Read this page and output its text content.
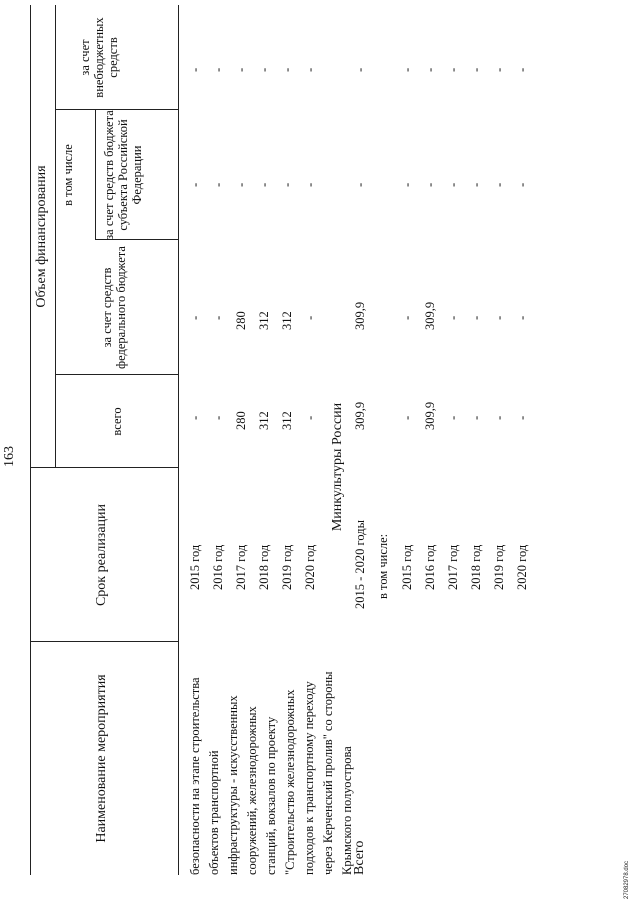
163
Наименование мероприятия
Срок реализации
Объем финансирования
всего
за счет средств федерального бюджета
в том числе за счет средств бюджета субъекта Российской Федерации
за счет внебюджетных средств
безопасности на этапе строительства объектов транспортной инфраструктуры - искусственных сооружений, железнодорожных станций, вокзалов по проекту "Строительство железнодорожных подходов к транспортному переходу через Керченский пролив" со стороны Крымского полуострова
2015 год
-
-
-
-
2016 год
-
-
-
-
2017 год
280
280
-
-
2018 год
312
312
-
-
2019 год
312
312
-
-
2020 год
-
-
-
-
Минкультуры России
Всего
2015 - 2020 годы
309,9
309,9
-
-
в том числе: 2015 год
-
-
-
-
2016 год
309,9
309,9
-
-
2017 год
-
-
-
-
2018 год
-
-
-
-
2019 год
-
-
-
-
2020 год
-
-
-
-
27082978.doc
